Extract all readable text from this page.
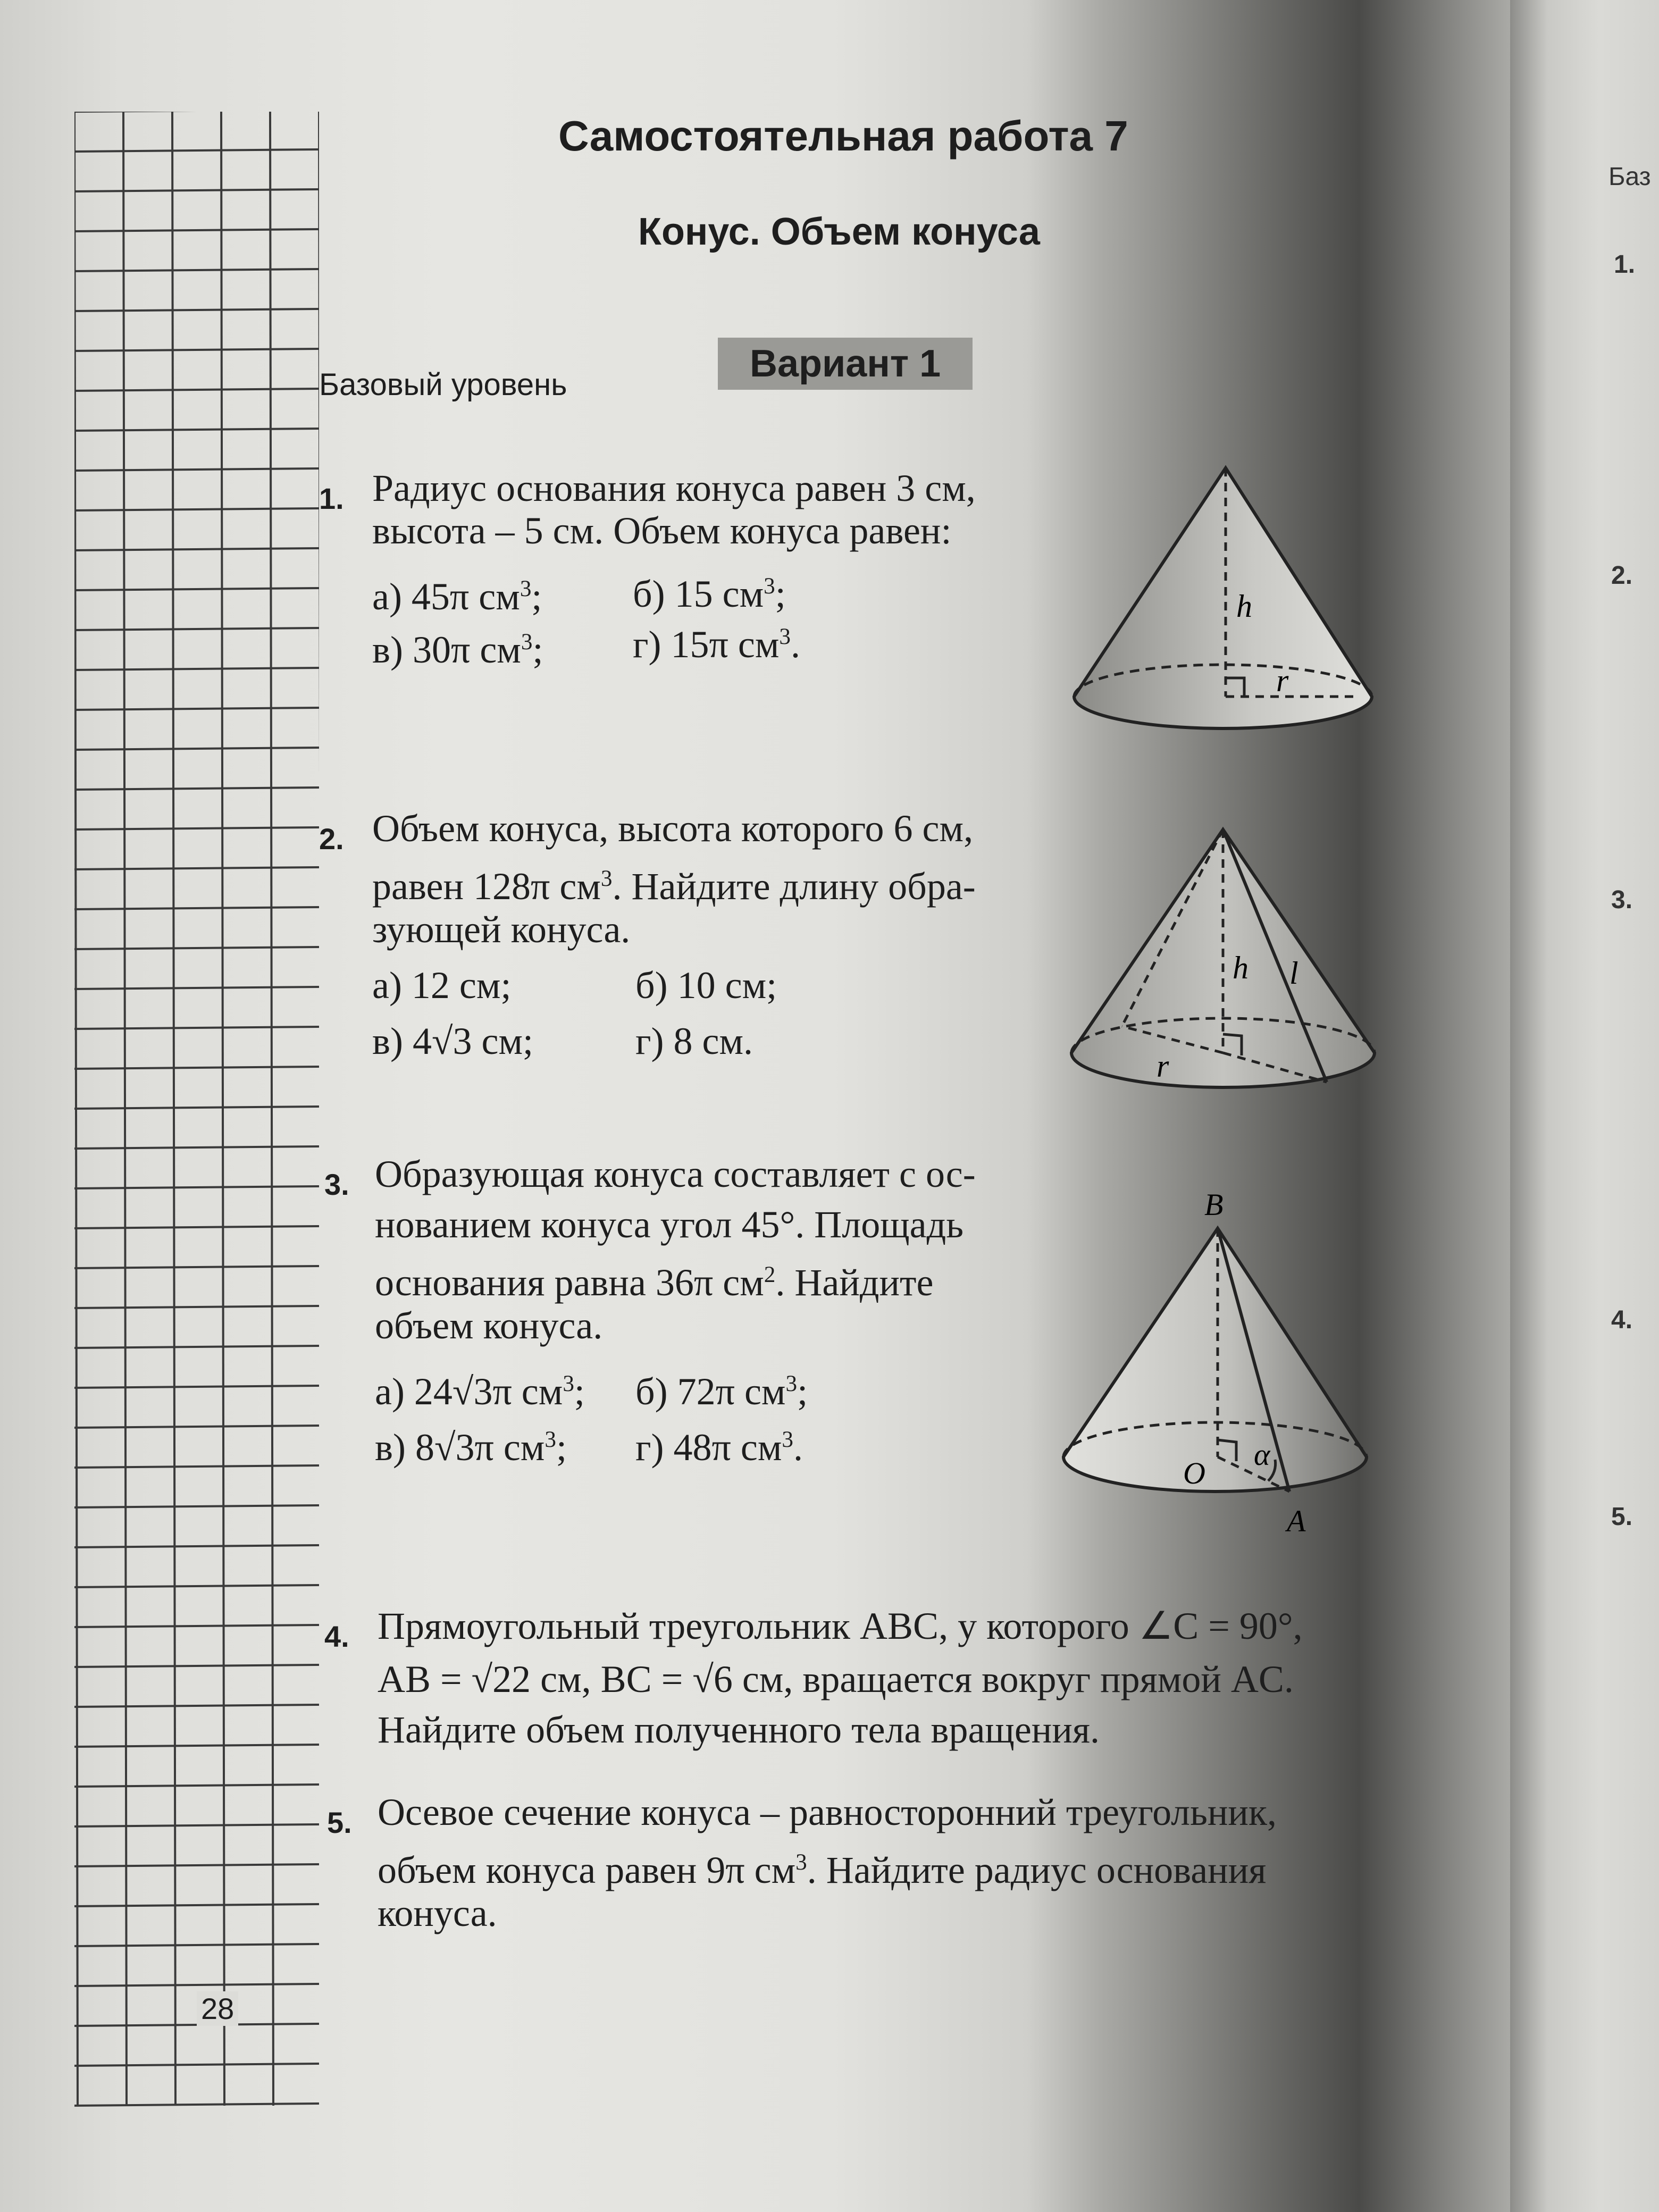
Самостоятельная работа 7
Конус. Объем конуса
Базовый уровень	Вариант 1
1. Радиус основания конуса равен 3 см,
высота – 5 см. Объем конуса равен:
а) 45π $см^3$; б) 15 $см^3$;
в) 30π $см^3$; г) 15π $см^3$.
h
r
2. Объем конуса, высота которого 6 см,
равен 128π $см^3$. Найдите длину обра-
зующей конуса.
а) 12 см;	б) 10 см;
в) 4√3 см;	г) 8 см.
h l
r
3. Образующая конуса составляет с ос-
нованием конуса угол 45°. Площадь
основания равна 36π $см^2$. Найдите
объем конуса.
а) 24√3π $см^3$; б) 72π $см^3$;
в) 8√3π $см^3$; г) 48π $см^3$.
B
O
α
A
4. Прямоугольный треугольник ABC, у которого ∠C = 90°,
AB = √22 см, BC = √6 см, вращается вокруг прямой AC.
Найдите объем полученного тела вращения.
5. Осевое сечение конуса – равносторонний треугольник,
объем конуса равен 9π $см^3$. Найдите радиус основания
конуса.
28
Баз
1.
2.
3.
4.
5.
